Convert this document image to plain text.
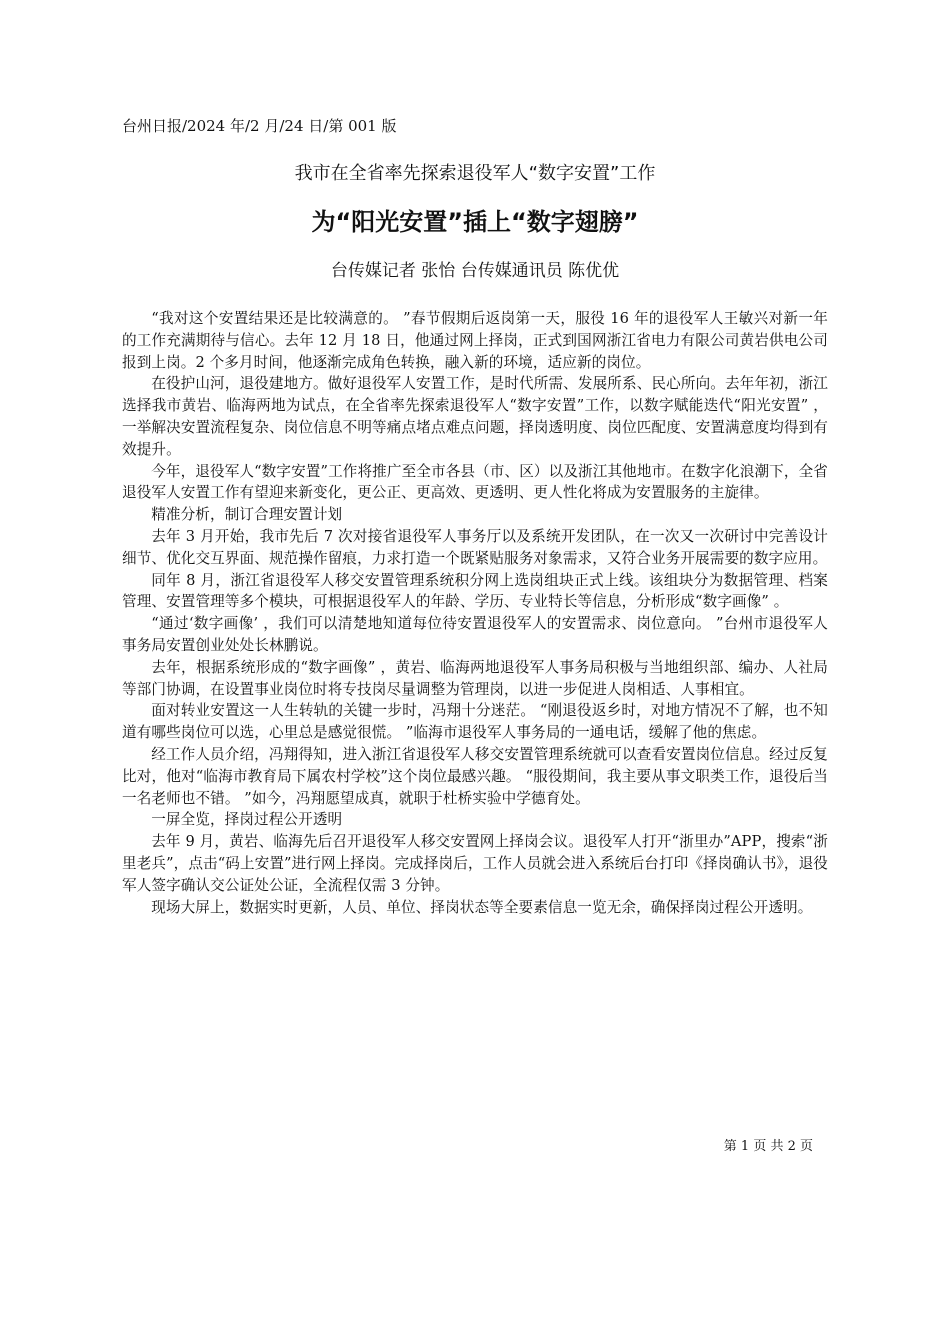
台州日报/2024 年/2 月/24 日/第 001 版
我市在全省率先探索退役军人“数字安置”工作
为“阳光安置”插上“数字翅膀”
台传媒记者 张怡 台传媒通讯员 陈优优

“我对这个安置结果还是比较满意的。 ”春节假期后返岗第一天，服役 16 年的退役军人王敏兴对新一年的工作充满期待与信心。去年 12 月 18 日，他通过网上择岗，正式到国网浙江省电力有限公司黄岩供电公司报到上岗。2 个多月时间，他逐渐完成角色转换，融入新的环境，适应新的岗位。

在役护山河，退役建地方。做好退役军人安置工作，是时代所需、发展所系、民心所向。去年年初，浙江选择我市黄岩、临海两地为试点，在全省率先探索退役军人“数字安置”工作，以数字赋能迭代“阳光安置” ，一举解决安置流程复杂、岗位信息不明等痛点堵点难点问题，择岗透明度、岗位匹配度、安置满意度均得到有效提升。

今年，退役军人“数字安置”工作将推广至全市各县（市、区）以及浙江其他地市。在数字化浪潮下，全省退役军人安置工作有望迎来新变化，更公正、更高效、更透明、更人性化将成为安置服务的主旋律。

精准分析，制订合理安置计划

去年 3 月开始，我市先后 7 次对接省退役军人事务厅以及系统开发团队，在一次又一次研讨中完善设计细节、优化交互界面、规范操作留痕，力求打造一个既紧贴服务对象需求，又符合业务开展需要的数字应用。

同年 8 月，浙江省退役军人移交安置管理系统积分网上选岗组块正式上线。该组块分为数据管理、档案管理、安置管理等多个模块，可根据退役军人的年龄、学历、专业特长等信息，分析形成“数字画像” 。

“通过‘数字画像’ ，我们可以清楚地知道每位待安置退役军人的安置需求、岗位意向。 ”台州市退役军人事务局安置创业处处长林鹏说。

去年，根据系统形成的“数字画像” ，黄岩、临海两地退役军人事务局积极与当地组织部、编办、人社局等部门协调，在设置事业岗位时将专技岗尽量调整为管理岗，以进一步促进人岗相适、人事相宜。

面对转业安置这一人生转轨的关键一步时，冯翔十分迷茫。 “刚退役返乡时，对地方情况不了解，也不知道有哪些岗位可以选，心里总是感觉很慌。 ”临海市退役军人事务局的一通电话，缓解了他的焦虑。

经工作人员介绍，冯翔得知，进入浙江省退役军人移交安置管理系统就可以查看安置岗位信息。经过反复比对，他对“临海市教育局下属农村学校”这个岗位最感兴趣。 “服役期间，我主要从事文职类工作，退役后当一名老师也不错。 ”如今，冯翔愿望成真，就职于杜桥实验中学德育处。

一屏全览，择岗过程公开透明

去年 9 月，黄岩、临海先后召开退役军人移交安置网上择岗会议。退役军人打开“浙里办”APP，搜索“浙里老兵”，点击“码上安置”进行网上择岗。完成择岗后，工作人员就会进入系统后台打印《择岗确认书》，退役军人签字确认交公证处公证，全流程仅需 3 分钟。

现场大屏上，数据实时更新，人员、单位、择岗状态等全要素信息一览无余，确保择岗过程公开透明。

第 1 页 共 2 页
